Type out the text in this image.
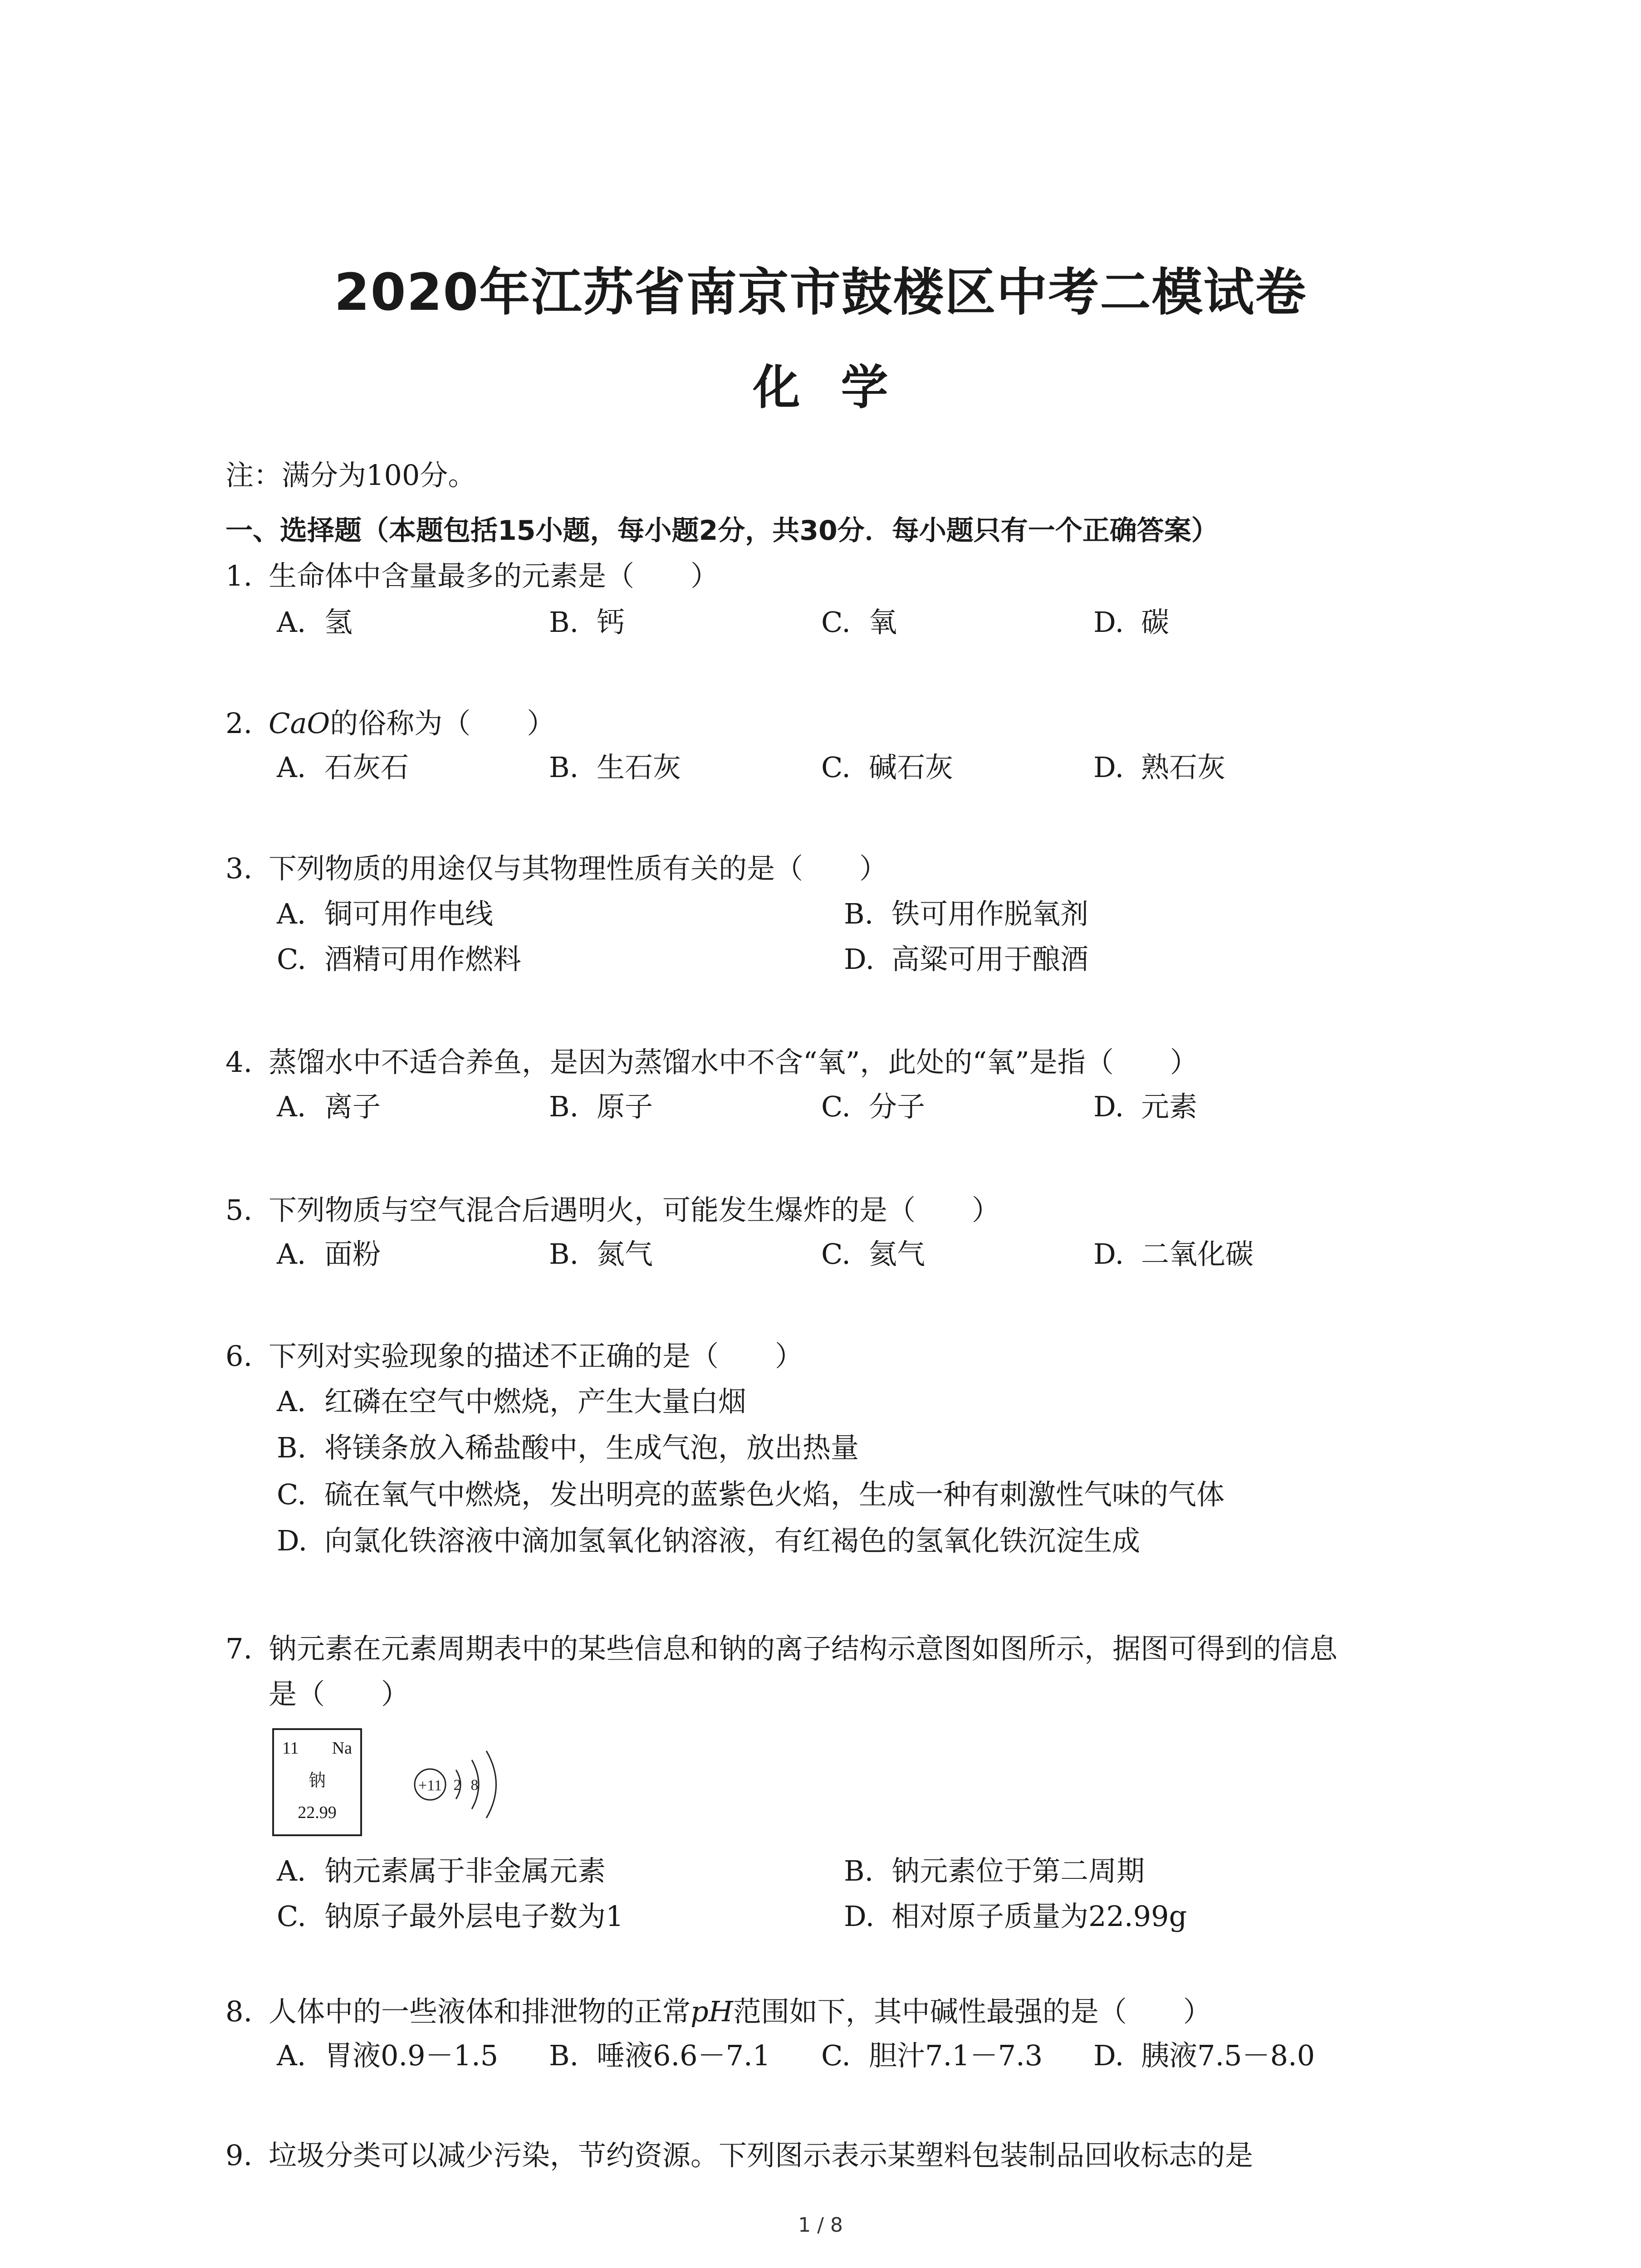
2020年江苏省南京市鼓楼区中考二模试卷
化学
注：满分为100分。
一、选择题（本题包括15小题，每小题2分，共30分．每小题只有一个正确答案）
1. 生命体中含量最多的元素是（　　）
A. 氢	B. 钙	C. 氧	D. 碳
2. CaO的俗称为（　　）
A. 石灰石	B. 生石灰	C. 碱石灰	D. 熟石灰
3. 下列物质的用途仅与其物理性质有关的是（　　）
A. 铜可用作电线	B. 铁可用作脱氧剂
C. 酒精可用作燃料	D. 高粱可用于酿酒
4. 蒸馏水中不适合养鱼，是因为蒸馏水中不含“氧”，此处的“氧”是指（　　）
A. 离子	B. 原子	C. 分子	D. 元素
5. 下列物质与空气混合后遇明火，可能发生爆炸的是（　　）
A. 面粉	B. 氮气	C. 氦气	D. 二氧化碳
6. 下列对实验现象的描述不正确的是（　　）
A. 红磷在空气中燃烧，产生大量白烟
B. 将镁条放入稀盐酸中，生成气泡，放出热量
C. 硫在氧气中燃烧，发出明亮的蓝紫色火焰，生成一种有刺激性气味的气体
D. 向氯化铁溶液中滴加氢氧化钠溶液，有红褐色的氢氧化铁沉淀生成
7. 钠元素在元素周期表中的某些信息和钠的离子结构示意图如图所示，据图可得到的信息
是（　　）
11 Na
钠
22.99
+11 2 8
A. 钠元素属于非金属元素	B. 钠元素位于第二周期
C. 钠原子最外层电子数为1	D. 相对原子质量为22.99g
8. 人体中的一些液体和排泄物的正常pH范围如下，其中碱性最强的是（　　）
A. 胃液0.9－1.5 B. 唾液6.6－7.1 C. 胆汁7.1－7.3 D. 胰液7.5－8.0
9. 垃圾分类可以减少污染，节约资源。下列图示表示某塑料包装制品回收标志的是
1 / 8
